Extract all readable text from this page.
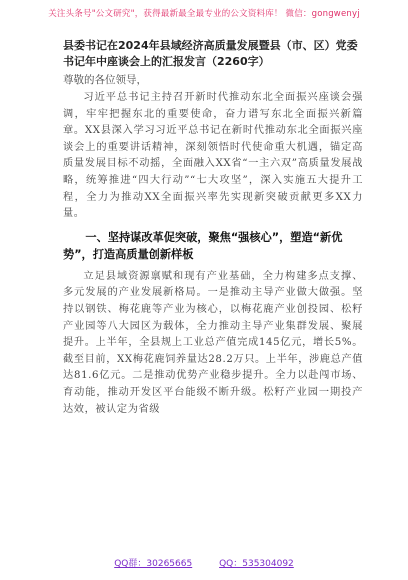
关注头条号"公文研究"，获得最新最全最专业的公文资料库！ 微信：gongwenyj

县委书记在2024年县域经济高质量发展暨县（市、区）党委书记年中座谈会上的汇报发言（2260字）

尊敬的各位领导，

习近平总书记主持召开新时代推动东北全面振兴座谈会强调，牢牢把握东北的重要使命，奋力谱写东北全面振兴新篇章。XX县深入学习习近平总书记在新时代推动东北全面振兴座谈会上的重要讲话精神，深刻领悟时代使命重大机遇，锚定高质量发展目标不动摇，全面融入XX省“一主六双”高质量发展战略，统筹推进“四大行动”“七大攻坚”，深入实施五大提升工程，全力为推动XX全面振兴率先实现新突破贡献更多XX力量。

一、坚持谋改革促突破，聚焦“强核心”，塑造“新优势”，打造高质量创新样板

立足县域资源禀赋和现有产业基础，全力构建多点支撑、多元发展的产业发展新格局。一是推动主导产业做大做强。坚持以钢铁、梅花鹿等产业为核心，以梅花鹿产业创投园、松籽产业园等八大园区为载体，全力推动主导产业集群发展、聚展提升。上半年，全县规上工业总产值完成145亿元，增长5%。截至目前，XX梅花鹿饲养量达28.2万只。上半年，涉鹿总产值达81.6亿元。二是推动优势产业稳步提升。全力以赴闯市场、育动能，推动开发区平台能级不断升级。松籽产业园一期投产达效，被认定为省级

QQ群：30265665	QQ：535304092
